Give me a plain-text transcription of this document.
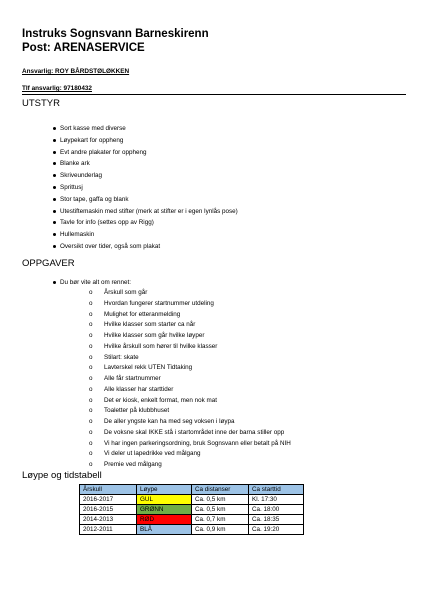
Instruks Sognsvann Barneskirenn
Post: ARENASERVICE
Ansvarlig: ROY BÅRDSTØLØKKEN
Tlf ansvarlig: 97180432
UTSTYR
Sort kasse med diverse
Løypekart for oppheng
Evt andre plakater for oppheng
Blanke ark
Skriveunderlag
Sprittusj
Stor tape, gaffa og blank
Utestiftemaskin med stifter (merk at stifter er i egen lynlås pose)
Tavle for info (settes opp av Rigg)
Hullemaskin
Oversikt over tider, også som plakat
OPPGAVER
Du bør vite alt om rennet:
o Årskull som går
o Hvordan fungerer startnummer utdeling
o Mulighet for etteranmelding
o Hvilke klasser som starter ca når
o Hvilke klasser som går hvilke løyper
o Hvilke årskull som hører til hvilke klasser
o Stilart: skate
o Lavterskel rekk UTEN Tidtaking
o Alle får startnummer
o Alle klasser har starttider
o Det er kiosk, enkelt format, men nok mat
o Toaletter på klubbhuset
o De aller yngste kan ha med seg voksen i løypa
o De voksne skal IKKE stå i startområdet inne der barna stiller opp
o Vi har ingen parkeringsordning, bruk Sognsvann eller betalt på NIH
o Vi deler ut lapedrikke ved målgang
o Premie ved målgang
Løype og tidstabell
Årskull	Løype	Ca distanser	Ca starttid
2016-2017	GUL	Ca. 0,5 km	Kl. 17:30
2016-2015	GRØNN	Ca. 0,5 km	Ca. 18:00
2014-2013	RØD	Ca. 0,7 km	Ca. 18:35
2012-2011	BLÅ	Ca. 0,9 km	Ca. 19:20
